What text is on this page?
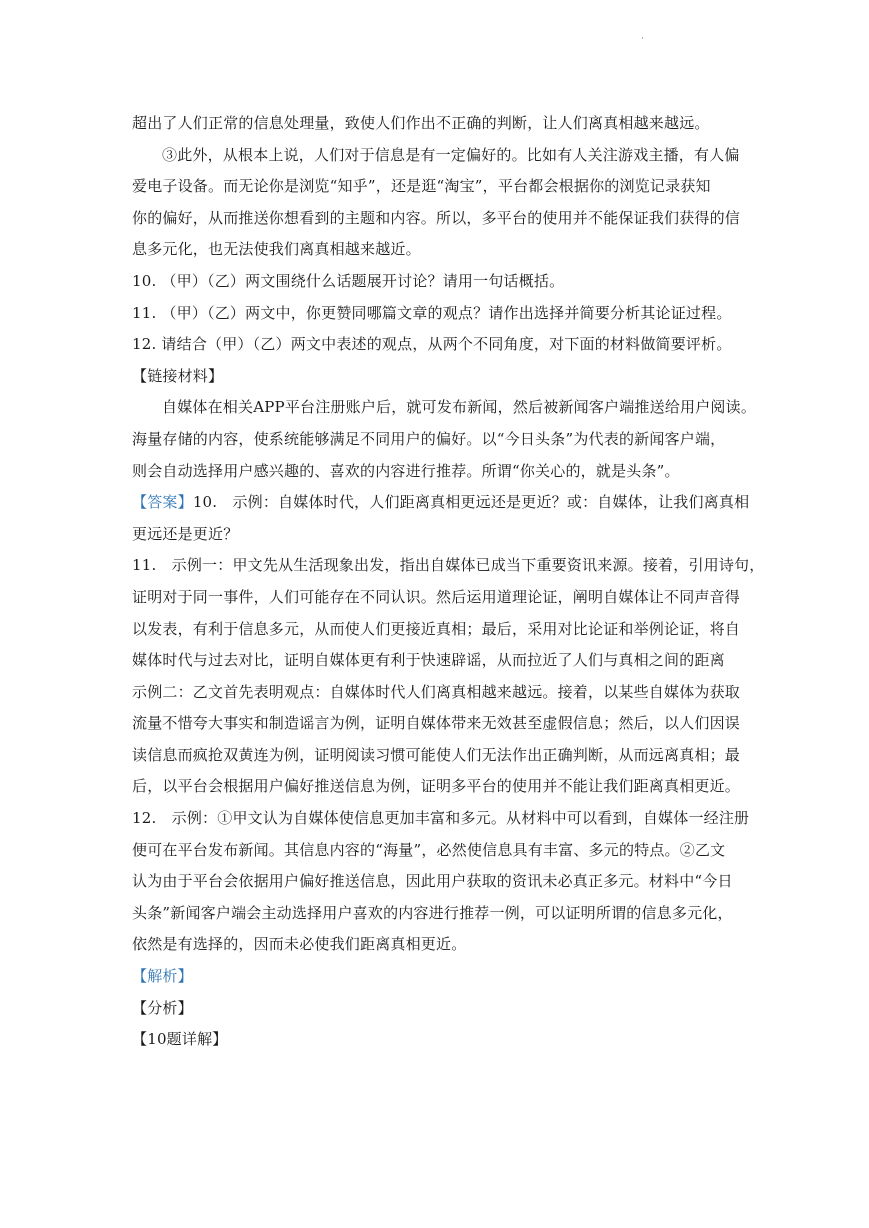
·
超出了人们正常的信息处理量，致使人们作出不正确的判断，让人们离真相越来越远。
③此外，从根本上说，人们对于信息是有一定偏好的。比如有人关注游戏主播，有人偏
爱电子设备。而无论你是浏览“知乎”，还是逛“淘宝”，平台都会根据你的浏览记录获知
你的偏好，从而推送你想看到的主题和内容。所以，多平台的使用并不能保证我们获得的信
息多元化，也无法使我们离真相越来越近。
10. （甲）（乙）两文围绕什么话题展开讨论？请用一句话概括。
11. （甲）（乙）两文中，你更赞同哪篇文章的观点？请作出选择并简要分析其论证过程。
12. 请结合（甲）（乙）两文中表述的观点，从两个不同角度，对下面的材料做简要评析。
【链接材料】
自媒体在相关APP平台注册账户后，就可发布新闻，然后被新闻客户端推送给用户阅读。
海量存储的内容，使系统能够满足不同用户的偏好。以“今日头条”为代表的新闻客户端，
则会自动选择用户感兴趣的、喜欢的内容进行推荐。所谓“你关心的，就是头条”。
【答案】10.　示例：自媒体时代，人们距离真相更远还是更近？或：自媒体，让我们离真相
更远还是更近？
11.　示例一：甲文先从生活现象出发，指出自媒体已成当下重要资讯来源。接着，引用诗句，
证明对于同一事件，人们可能存在不同认识。然后运用道理论证，阐明自媒体让不同声音得
以发表，有利于信息多元，从而使人们更接近真相；最后，采用对比论证和举例论证，将自
媒体时代与过去对比，证明自媒体更有利于快速辟谣，从而拉近了人们与真相之间的距离
示例二：乙文首先表明观点：自媒体时代人们离真相越来越远。接着，以某些自媒体为获取
流量不惜夸大事实和制造谣言为例，证明自媒体带来无效甚至虚假信息；然后，以人们因误
读信息而疯抢双黄连为例，证明阅读习惯可能使人们无法作出正确判断，从而远离真相；最
后，以平台会根据用户偏好推送信息为例，证明多平台的使用并不能让我们距离真相更近。
12.　示例：①甲文认为自媒体使信息更加丰富和多元。从材料中可以看到，自媒体一经注册
便可在平台发布新闻。其信息内容的“海量”，必然使信息具有丰富、多元的特点。②乙文
认为由于平台会依据用户偏好推送信息，因此用户获取的资讯未必真正多元。材料中“今日
头条”新闻客户端会主动选择用户喜欢的内容进行推荐一例，可以证明所谓的信息多元化，
依然是有选择的，因而未必使我们距离真相更近。
【解析】
【分析】
【10题详解】
